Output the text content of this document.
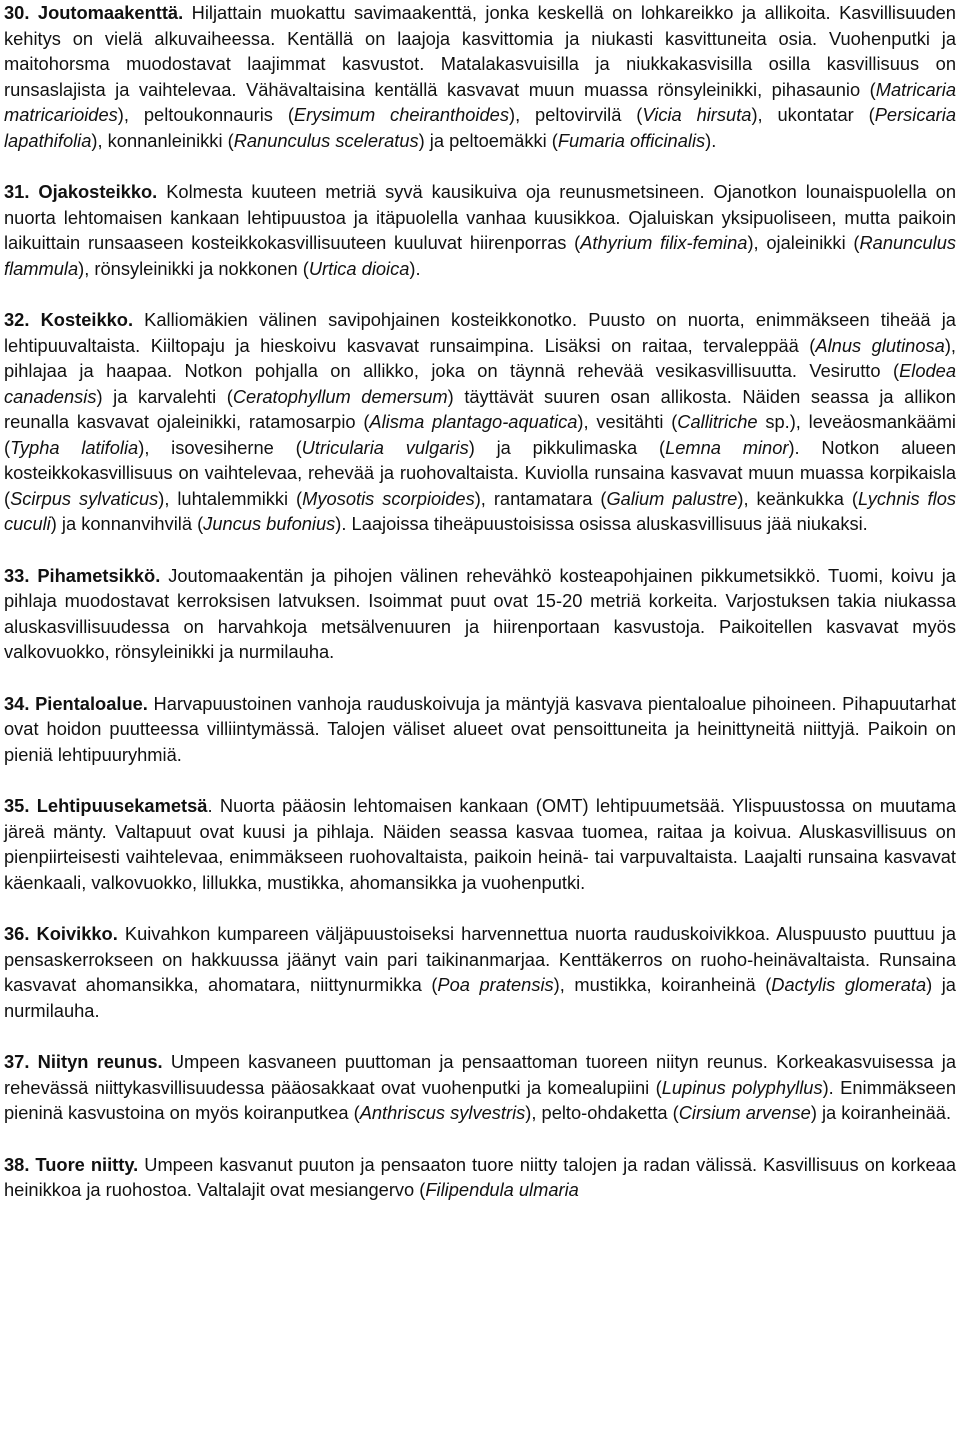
30. Joutomaakenttä. Hiljattain muokattu savimaakenttä, jonka keskellä on lohkareikko ja allikoita. Kasvillisuuden kehitys on vielä alkuvaiheessa. Kentällä on laajoja kasvittomia ja niukasti kasvittuneita osia. Vuohenputki ja maitohorsma muodostavat laajimmat kasvustot. Matalakasvuisilla ja niukkakasvisilla osilla kasvillisuus on runsaslajista ja vaihtelevaa. Vähävaltaisina kentällä kasvavat muun muassa rönsyleinikki, pihasaunio (Matricaria matricarioides), peltoukonnauris (Erysimum cheiranthoides), peltovirvilä (Vicia hirsuta), ukontatar (Persicaria lapathifolia), konnanleinikki (Ranunculus sceleratus) ja peltoemäkki (Fumaria officinalis).

31. Ojakosteikko. Kolmesta kuuteen metriä syvä kausikuiva oja reunusmetsineen. Ojanotkon lounaispuolella on nuorta lehtomaisen kankaan lehtipuustoa ja itäpuolella vanhaa kuusikkoa. Ojaluiskan yksipuoliseen, mutta paikoin laikuittain runsaaseen kosteikkokasvillisuuteen kuuluvat hiirenporras (Athyrium filix-femina), ojaleinikki (Ranunculus flammula), rönsyleinikki ja nokkonen (Urtica dioica).

32. Kosteikko. Kalliomäkien välinen savipohjainen kosteikkonotko. Puusto on nuorta, enimmäkseen tiheää ja lehtipuuvaltaista. Kiiltopaju ja hieskoivu kasvavat runsaimpina. Lisäksi on raitaa, tervaleppää (Alnus glutinosa), pihlajaa ja haapaa. Notkon pohjalla on allikko, joka on täynnä rehevää vesikasvillisuutta. Vesirutto (Elodea canadensis) ja karvalehti (Ceratophyllum demersum) täyttävät suuren osan allikosta. Näiden seassa ja allikon reunalla kasvavat ojaleinikki, ratamosarpio (Alisma plantago-aquatica), vesitähti (Callitriche sp.), leveäosmankäämi (Typha latifolia), isovesiherne (Utricularia vulgaris) ja pikkulimaska (Lemna minor). Notkon alueen kosteikkokasvillisuus on vaihtelevaa, rehevää ja ruohovaltaista. Kuviolla runsaina kasvavat muun muassa korpikaisla (Scirpus sylvaticus), luhtalemmikki (Myosotis scorpioides), rantamatara (Galium palustre), keänkukka (Lychnis flos cuculi) ja konnanvihvilä (Juncus bufonius). Laajoissa tiheäpuustoisissa osissa aluskasvillisuus jää niukaksi.

33. Pihametsikkö. Joutomaakentän ja pihojen välinen rehevähkö kosteapohjainen pikkumetsikkö. Tuomi, koivu ja pihlaja muodostavat kerroksisen latvuksen. Isoimmat puut ovat 15-20 metriä korkeita. Varjostuksen takia niukassa aluskasvillisuudessa on harvahkoja metsälvenuuren ja hiirenportaan kasvustoja. Paikoitellen kasvavat myös valkovuokko, rönsyleinikki ja nurmilauha.

34. Pientaloalue. Harvapuustoinen vanhoja rauduskoivuja ja mäntyjä kasvava pientaloalue pihoineen. Pihapuutarhat ovat hoidon puutteessa villiintymässä. Talojen väliset alueet ovat pensoittuneita ja heinittyneitä niittyjä. Paikoin on pieniä lehtipuuryhmiä.

35. Lehtipuusekametsä. Nuorta pääosin lehtomaisen kankaan (OMT) lehtipuumetsää. Ylispuustossa on muutama järeä mänty. Valtapuut ovat kuusi ja pihlaja. Näiden seassa kasvaa tuomea, raitaa ja koivua. Aluskasvillisuus on pienpiirteisesti vaihtelevaa, enimmäkseen ruohovaltaista, paikoin heinä- tai varpuvaltaista. Laajalti runsaina kasvavat käenkaali, valkovuokko, lillukka, mustikka, ahomansikka ja vuohenputki.

36. Koivikko. Kuivahkon kumpareen väljäpuustoiseksi harvennettua nuorta rauduskoivikkoa. Aluspuusto puuttuu ja pensaskerrokseen on hakkuussa jäänyt vain pari taikinanmarjaa. Kenttäkerros on ruoho-heinävaltaista. Runsaina kasvavat ahomansikka, ahomatara, niittynurmikka (Poa pratensis), mustikka, koiranheinä (Dactylis glomerata) ja nurmilauha.

37. Niityn reunus. Umpeen kasvaneen puuttoman ja pensaattoman tuoreen niityn reunus. Korkeakasvuisessa ja rehevässä niittykasvillisuudessa pääosakkaat ovat vuohenputki ja komealupiini (Lupinus polyphyllus). Enimmäkseen pieninä kasvustoina on myös koiranputkea (Anthriscus sylvestris), pelto-ohdaketta (Cirsium arvense) ja koiranheinää.

38. Tuore niitty. Umpeen kasvanut puuton ja pensaaton tuore niitty talojen ja radan välissä. Kasvillisuus on korkeaa heinikkoa ja ruohostoa. Valtalajit ovat mesiangervo (Filipendula ulmaria
